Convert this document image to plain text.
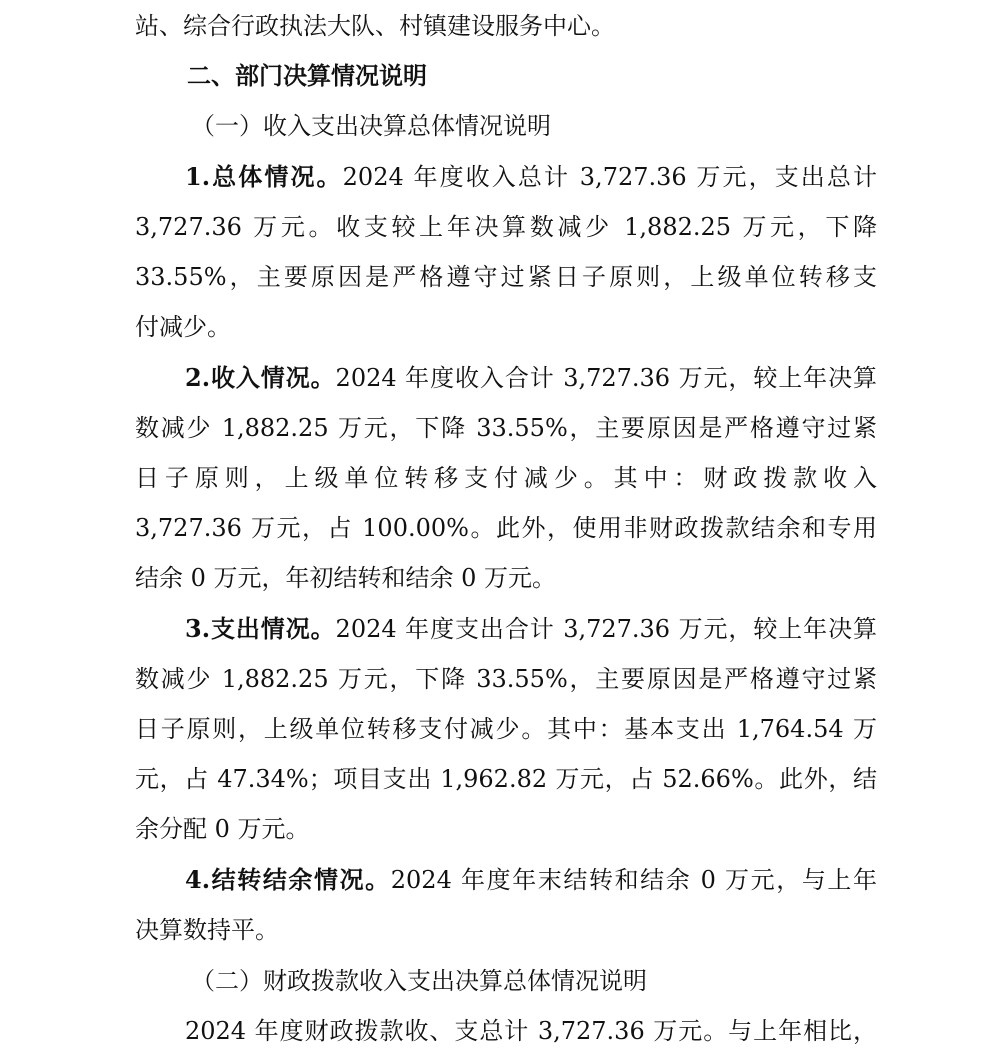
站、综合行政执法大队、村镇建设服务中心。
二、部门决算情况说明
（一）收入支出决算总体情况说明
1.总体情况。2024 年度收入总计 3,727.36 万元，支出总计
3,727.36 万元。收支较上年决算数减少 1,882.25 万元，下降
33.55%，主要原因是严格遵守过紧日子原则，上级单位转移支
付减少。
2.收入情况。2024 年度收入合计 3,727.36 万元，较上年决算
数减少 1,882.25 万元，下降 33.55%，主要原因是严格遵守过紧
日子原则，上级单位转移支付减少。其中：财政拨款收入
3,727.36 万元，占 100.00%。此外，使用非财政拨款结余和专用
结余 0 万元，年初结转和结余 0 万元。
3.支出情况。2024 年度支出合计 3,727.36 万元，较上年决算
数减少 1,882.25 万元，下降 33.55%，主要原因是严格遵守过紧
日子原则，上级单位转移支付减少。其中：基本支出 1,764.54 万
元，占 47.34%；项目支出 1,962.82 万元，占 52.66%。此外，结
余分配 0 万元。
4.结转结余情况。2024 年度年末结转和结余 0 万元，与上年
决算数持平。
（二）财政拨款收入支出决算总体情况说明
2024 年度财政拨款收、支总计 3,727.36 万元。与上年相比，
